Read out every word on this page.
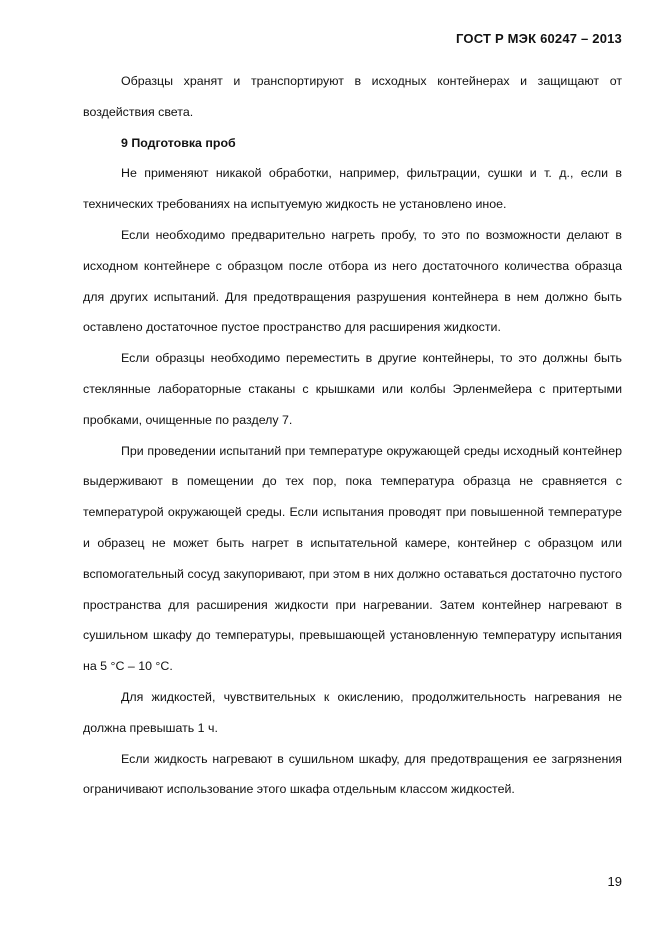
ГОСТ Р МЭК 60247 – 2013

Образцы хранят и транспортируют в исходных контейнерах и защищают от воздействия света.

9 Подготовка проб

Не применяют никакой обработки, например, фильтрации, сушки и т. д., если в технических требованиях на испытуемую жидкость не установлено иное.

Если необходимо предварительно нагреть пробу, то это по возможности делают в исходном контейнере с образцом после отбора из него достаточного количества образца для других испытаний. Для предотвращения разрушения контейнера в нем должно быть оставлено достаточное пустое пространство для расширения жидкости.

Если образцы необходимо переместить в другие контейнеры, то это должны быть стеклянные лабораторные стаканы с крышками или колбы Эрленмейера с притертыми пробками, очищенные по разделу 7.

При проведении испытаний при температуре окружающей среды исходный контейнер выдерживают в помещении до тех пор, пока температура образца не сравняется с температурой окружающей среды. Если испытания проводят при повышенной температуре и образец не может быть нагрет в испытательной камере, контейнер с образцом или вспомогательный сосуд закупоривают, при этом в них должно оставаться достаточно пустого пространства для расширения жидкости при нагревании. Затем контейнер нагревают в сушильном шкафу до температуры, превышающей установленную температуру испытания на 5 °С – 10 °С.

Для жидкостей, чувствительных к окислению, продолжительность нагревания не должна превышать 1 ч.

Если жидкость нагревают в сушильном шкафу, для предотвращения ее загрязнения ограничивают использование этого шкафа отдельным классом жидкостей.

19
